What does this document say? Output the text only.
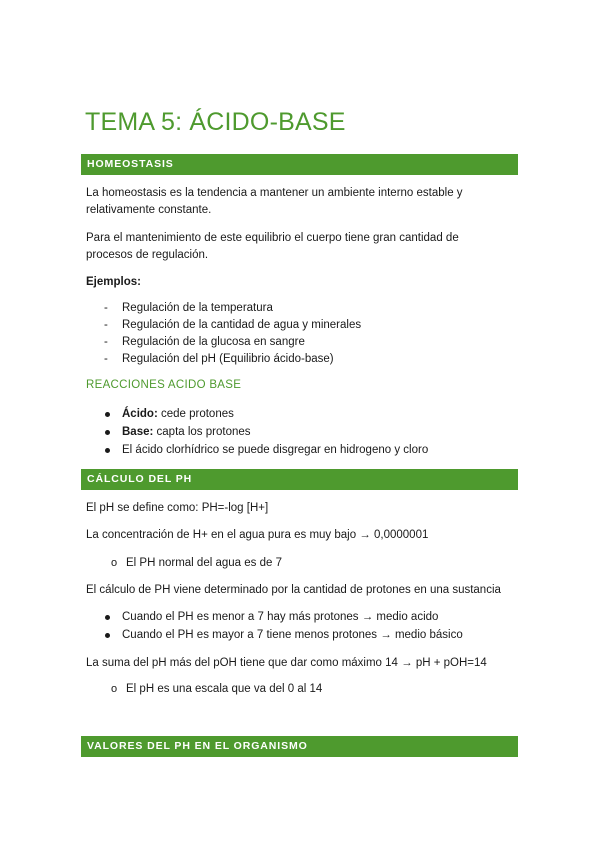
TEMA 5: ÁCIDO-BASE
HOMEOSTASIS
La homeostasis es la tendencia a mantener un ambiente interno estable y
relativamente constante.
Para el mantenimiento de este equilibrio el cuerpo tiene gran cantidad de
procesos de regulación.
Ejemplos:
- Regulación de la temperatura
- Regulación de la cantidad de agua y minerales
- Regulación de la glucosa en sangre
- Regulación del pH (Equilibrio ácido-base)
REACCIONES ACIDO BASE
Ácido: cede protones
Base: capta los protones
El ácido clorhídrico se puede disgregar en hidrogeno y cloro
CÁLCULO DEL PH
El pH se define como: PH=-log [H+]
La concentración de H+ en el agua pura es muy bajo → 0,0000001
o El PH normal del agua es de 7
El cálculo de PH viene determinado por la cantidad de protones en una sustancia
Cuando el PH es menor a 7 hay más protones → medio acido
Cuando el PH es mayor a 7 tiene menos protones → medio básico
La suma del pH más del pOH tiene que dar como máximo 14 → pH + pOH=14
o El pH es una escala que va del 0 al 14
VALORES DEL PH EN EL ORGANISMO
